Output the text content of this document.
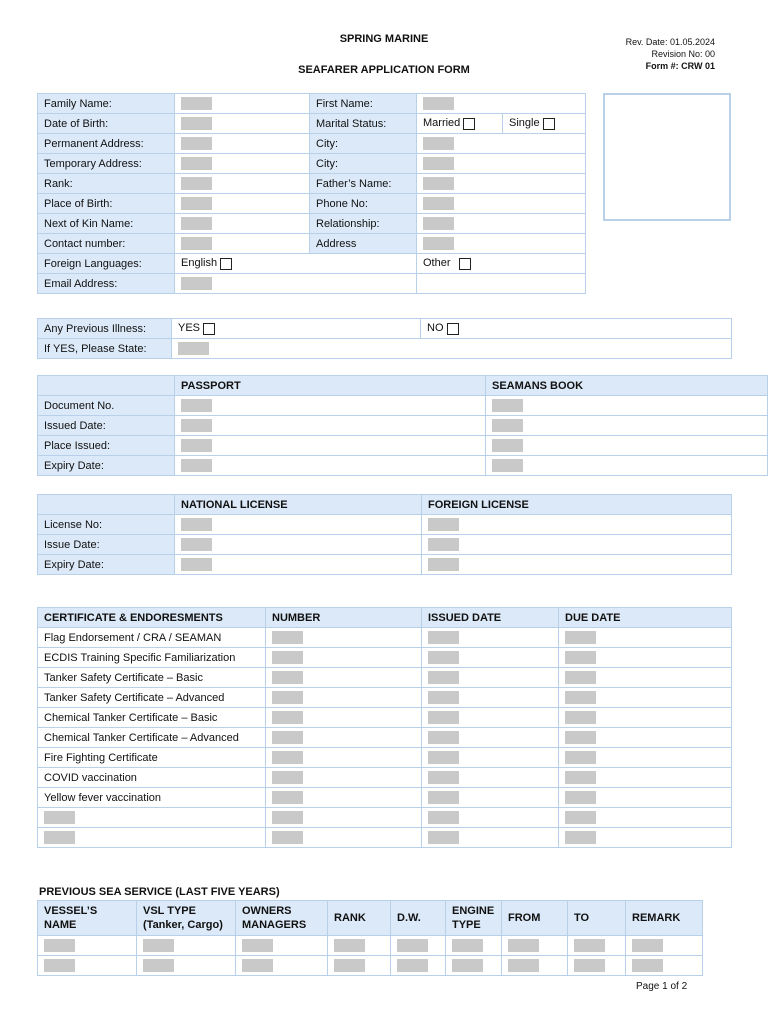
SPRING MARINE
SEAFARER APPLICATION FORM
Rev. Date: 01.05.2024
Revision No: 00
Form #: CRW 01
Family Name:		First Name:		
Date of Birth:		Marital Status:	Married	Single
Permanent Address:		City:		
Temporary Address:		City:		
Rank:		Father’s Name:		
Place of Birth:		Phone No:		
Next of Kin Name:		Relationship:		
Contact number:		Address		
Foreign Languages:	English		Other	
Email Address:				
Any Previous Illness:	YES	NO
If YES, Please State:		
	PASSPORT	SEAMANS BOOK
Document No.		
Issued Date:		
Place Issued:		
Expiry Date:		
	NATIONAL LICENSE	FOREIGN LICENSE
License No:		
Issue Date:		
Expiry Date:		
CERTIFICATE & ENDORESMENTS	NUMBER	ISSUED DATE	DUE DATE
Flag Endorsement / CRA / SEAMAN			
ECDIS Training Specific Familiarization			
Tanker Safety Certificate – Basic			
Tanker Safety Certificate – Advanced			
Chemical Tanker Certificate – Basic			
Chemical Tanker Certificate – Advanced			
Fire Fighting Certificate			
COVID vaccination			
Yellow fever vaccination			

PREVIOUS SEA SERVICE (LAST FIVE YEARS)
VESSEL’S NAME	VSL TYPE (Tanker, Cargo)	OWNERS MANAGERS	RANK	D.W.	ENGINE TYPE	FROM	TO	REMARK

Page 1 of 2
